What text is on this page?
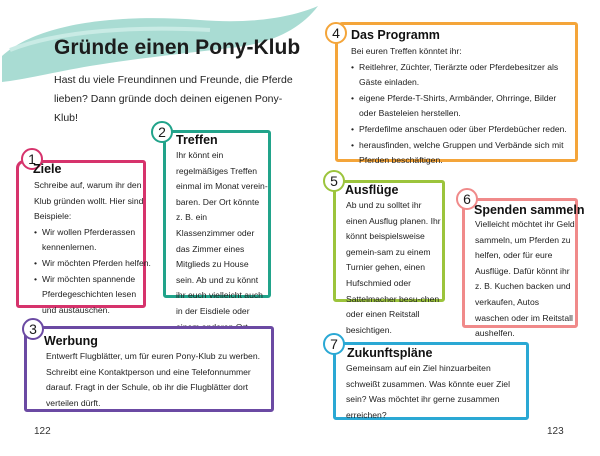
Gründe einen Pony-Klub
Hast du viele Freundinnen und Freunde, die Pferde lieben? Dann gründe doch deinen eigenen Pony-Klub!
1
Ziele
Schreibe auf, warum ihr den Klub gründen wollt. Hier sind Beispiele:
• Wir wollen Pferderassen kennenlernen.
• Wir möchten Pferden helfen.
• Wir möchten spannende Pferdegeschichten lesen und austauschen.
2 Treffen
Ihr könnt ein regelmäßiges Treffen einmal im Monat verein-baren. Der Ort könnte z. B. ein Klassenzimmer oder das Zimmer eines Mitglieds zu House sein. Ab und zu könnt ihr euch vielleicht auch in der Eisdiele oder
3
Werbung
Entwerft Flugblätter, um für euren Pony-Klub zu werben. Schreibt eine Kontaktperson und eine Telefonnummer darauf. Fragt in der Schule, ob ihr die Flugblätter dort verteilen dürft.
4 Das Programm
Bei euren Treffen könntet ihr:
• Reitlehrer, Züchter, Tierärzte oder Pferdebesitzer als Gäste einladen.
• eigene Pferde-T-Shirts, Armbänder, Ohrringe, Bilder oder Basteleien herstellen.
• Pferdefilme anschauen oder über Pferdebücher reden.
• herausfinden, welche Gruppen und Verbände sich mit Pferden beschäftigen.
5
Ausflüge
Ab und zu solltet ihr einen Ausflug planen. Ihr könnt beispielsweise gemein-sam zu einem Turnier gehen, einen Hufschmied oder Sattelmacher besu-chen oder einen Reitstall besichtigen.
6
Spenden sammeln
Vielleicht möchtet ihr Geld sammeln, um Pferden zu helfen, oder für eure Ausflüge. Dafür könnt ihr z. B. Kuchen backen und verkaufen, Autos waschen oder im Reitstall aushelfen.
7
Zukunftspläne
Gemeinsam auf ein Ziel hinzuarbeiten schweißt zusammen. Was könnte euer Ziel sein? Was möchtet ihr gerne zusammen erreichen?
122	123
